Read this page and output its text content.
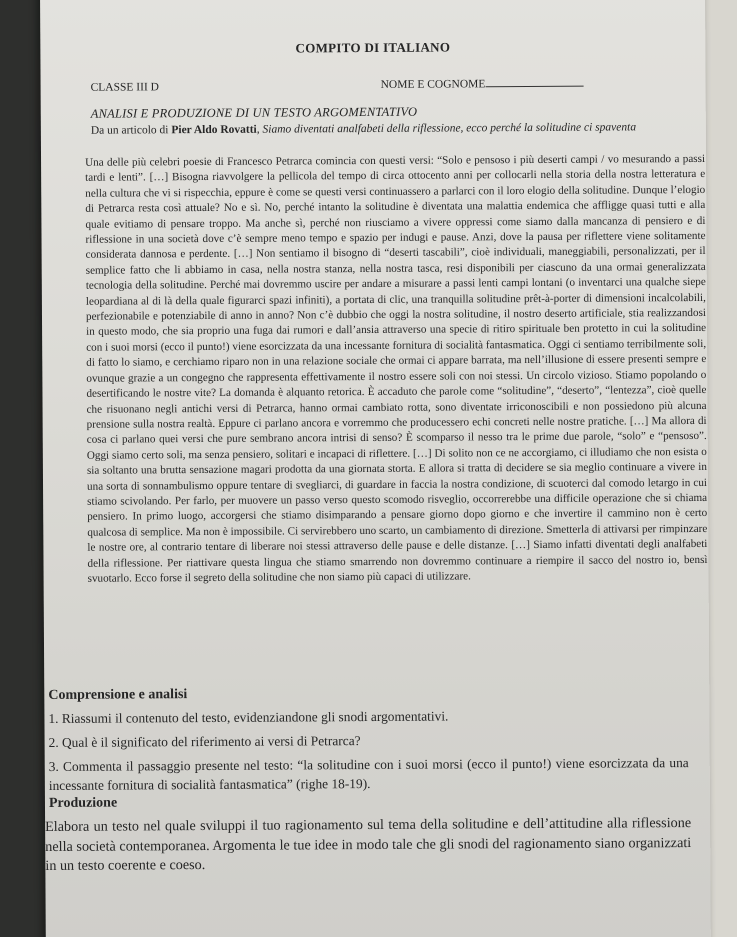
COMPITO DI ITALIANO
CLASSE III D	NOME E COGNOME
ANALISI E PRODUZIONE DI UN TESTO ARGOMENTATIVO
Da un articolo di Pier Aldo Rovatti, Siamo diventati analfabeti della riflessione, ecco perché la solitudine ci spaventa
Una delle più celebri poesie di Francesco Petrarca comincia con questi versi: “Solo e pensoso i più deserti campi / vo mesurando a passi tardi e lenti”. […] Bisogna riavvolgere la pellicola del tempo di circa ottocento anni per collocarli nella storia della nostra letteratura e nella cultura che vi si rispecchia, eppure è come se questi versi continuassero a parlarci con il loro elogio della solitudine. Dunque l’elogio di Petrarca resta così attuale? No e sì. No, perché intanto la solitudine è diventata una malattia endemica che affligge quasi tutti e alla quale evitiamo di pensare troppo. Ma anche sì, perché non riusciamo a vivere oppressi come siamo dalla mancanza di pensiero e di riflessione in una società dove c’è sempre meno tempo e spazio per indugi e pause. Anzi, dove la pausa per riflettere viene solitamente considerata dannosa e perdente. […] Non sentiamo il bisogno di “deserti tascabili”, cioè individuali, maneggiabili, personalizzati, per il semplice fatto che li abbiamo in casa, nella nostra stanza, nella nostra tasca, resi disponibili per ciascuno da una ormai generalizzata tecnologia della solitudine. Perché mai dovremmo uscire per andare a misurare a passi lenti campi lontani (o inventarci una qualche siepe leopardiana al di là della quale figurarci spazi infiniti), a portata di clic, una tranquilla solitudine prêt-à-porter di dimensioni incalcolabili, perfezionabile e potenziabile di anno in anno? Non c’è dubbio che oggi la nostra solitudine, il nostro deserto artificiale, stia realizzandosi in questo modo, che sia proprio una fuga dai rumori e dall’ansia attraverso una specie di ritiro spirituale ben protetto in cui la solitudine con i suoi morsi (ecco il punto!) viene esorcizzata da una incessante fornitura di socialità fantasmatica. Oggi ci sentiamo terribilmente soli, di fatto lo siamo, e cerchiamo riparo non in una relazione sociale che ormai ci appare barrata, ma nell’illusione di essere presenti sempre e ovunque grazie a un congegno che rappresenta effettivamente il nostro essere soli con noi stessi. Un circolo vizioso. Stiamo popolando o desertificando le nostre vite? La domanda è alquanto retorica. È accaduto che parole come “solitudine”, “deserto”, “lentezza”, cioè quelle che risuonano negli antichi versi di Petrarca, hanno ormai cambiato rotta, sono diventate irriconoscibili e non possiedono più alcuna prensione sulla nostra realtà. Eppure ci parlano ancora e vorremmo che producessero echi concreti nelle nostre pratiche. […] Ma allora di cosa ci parlano quei versi che pure sembrano ancora intrisi di senso? È scomparso il nesso tra le prime due parole, “solo” e “pensoso”. Oggi siamo certo soli, ma senza pensiero, solitari e incapaci di riflettere. […] Di solito non ce ne accorgiamo, ci illudiamo che non esista o sia soltanto una brutta sensazione magari prodotta da una giornata storta. E allora si tratta di decidere se sia meglio continuare a vivere in una sorta di sonnambulismo oppure tentare di svegliarci, di guardare in faccia la nostra condizione, di scuoterci dal comodo letargo in cui stiamo scivolando. Per farlo, per muovere un passo verso questo scomodo risveglio, occorrerebbe una difficile operazione che si chiama pensiero. In primo luogo, accorgersi che stiamo disimparando a pensare giorno dopo giorno e che invertire il cammino non è certo qualcosa di semplice. Ma non è impossibile. Ci servirebbero uno scarto, un cambiamento di direzione. Smetterla di attivarsi per rimpinzare le nostre ore, al contrario tentare di liberare noi stessi attraverso delle pause e delle distanze. […] Siamo infatti diventati degli analfabeti della riflessione. Per riattivare questa lingua che stiamo smarrendo non dovremmo continuare a riempire il sacco del nostro io, bensì svuotarlo. Ecco forse il segreto della solitudine che non siamo più capaci di utilizzare.
Comprensione e analisi
1. Riassumi il contenuto del testo, evidenziandone gli snodi argomentativi.
2. Qual è il significato del riferimento ai versi di Petrarca?
3. Commenta il passaggio presente nel testo: “la solitudine con i suoi morsi (ecco il punto!) viene esorcizzata da una incessante fornitura di socialità fantasmatica” (righe 18-19).
Produzione
Elabora un testo nel quale sviluppi il tuo ragionamento sul tema della solitudine e dell’attitudine alla riflessione nella società contemporanea. Argomenta le tue idee in modo tale che gli snodi del ragionamento siano organizzati in un testo coerente e coeso.
